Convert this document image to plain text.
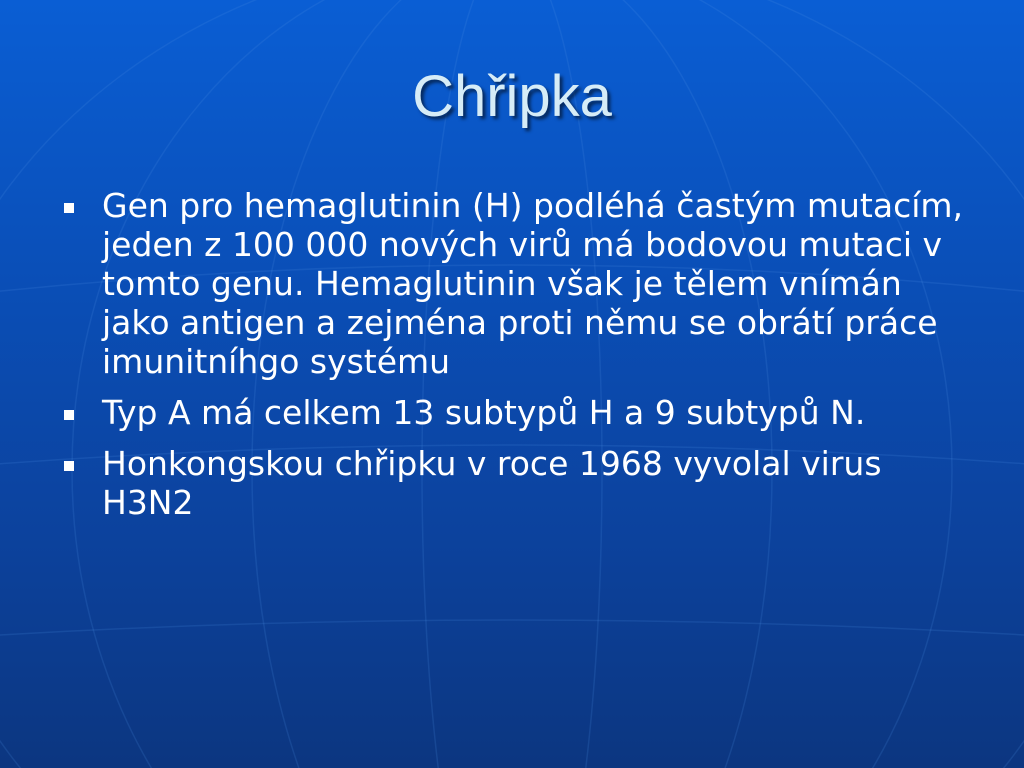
Chřipka
Gen pro hemaglutinin (H) podléhá častým mutacím, jeden z 100 000 nových virů má bodovou mutaci v tomto genu. Hemaglutinin však je tělem vnímán jako antigen a zejména proti němu se obrátí práce imunitníhgo systému
Typ A má celkem 13 subtypů H a 9 subtypů N.
Honkongskou chřipku v roce 1968 vyvolal virus H3N2
